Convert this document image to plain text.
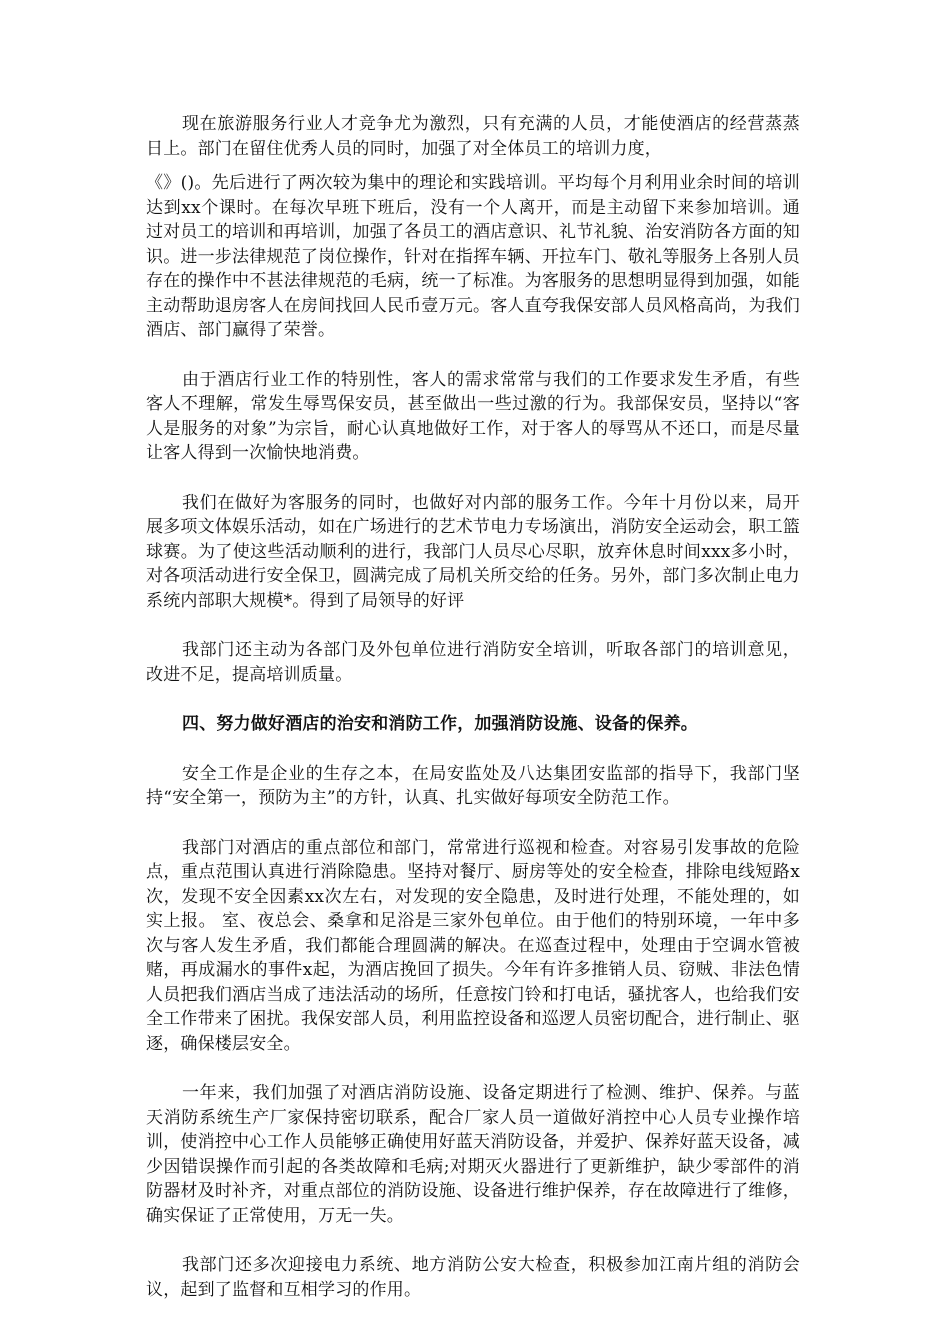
现在旅游服务行业人才竞争尤为激烈，只有充满的人员，才能使酒店的经营蒸蒸日上。部门在留住优秀人员的同时，加强了对全体员工的培训力度，

《》()。先后进行了两次较为集中的理论和实践培训。平均每个月利用业余时间的培训达到xx个课时。在每次早班下班后，没有一个人离开，而是主动留下来参加培训。通过对员工的培训和再培训，加强了各员工的酒店意识、礼节礼貌、治安消防各方面的知识。进一步法律规范了岗位操作，针对在指挥车辆、开拉车门、敬礼等服务上各别人员存在的操作中不甚法律规范的毛病，统一了标准。为客服务的思想明显得到加强，如能主动帮助退房客人在房间找回人民币壹万元。客人直夸我保安部人员风格高尚，为我们酒店、部门赢得了荣誉。

由于酒店行业工作的特别性，客人的需求常常与我们的工作要求发生矛盾，有些客人不理解，常发生辱骂保安员，甚至做出一些过激的行为。我部保安员，坚持以“客人是服务的对象”为宗旨，耐心认真地做好工作，对于客人的辱骂从不还口，而是尽量让客人得到一次愉快地消费。

我们在做好为客服务的同时，也做好对内部的服务工作。今年十月份以来，局开展多项文体娱乐活动，如在广场进行的艺术节电力专场演出，消防安全运动会，职工篮球赛。为了使这些活动顺利的进行，我部门人员尽心尽职，放弃休息时间xxx多小时，对各项活动进行安全保卫，圆满完成了局机关所交给的任务。另外，部门多次制止电力系统内部职大规模*。得到了局领导的好评

我部门还主动为各部门及外包单位进行消防安全培训，听取各部门的培训意见，改进不足，提高培训质量。

四、努力做好酒店的治安和消防工作，加强消防设施、设备的保养。

安全工作是企业的生存之本，在局安监处及八达集团安监部的指导下，我部门坚持“安全第一，预防为主”的方针，认真、扎实做好每项安全防范工作。

我部门对酒店的重点部位和部门，常常进行巡视和检查。对容易引发事故的危险点，重点范围认真进行消除隐患。坚持对餐厅、厨房等处的安全检查，排除电线短路x次，发现不安全因素xx次左右，对发现的安全隐患，及时进行处理，不能处理的，如实上报。 室、夜总会、桑拿和足浴是三家外包单位。由于他们的特别环境，一年中多次与客人发生矛盾，我们都能合理圆满的解决。在巡查过程中，处理由于空调水管被赌，再成漏水的事件x起，为酒店挽回了损失。今年有许多推销人员、窃贼、非法色情人员把我们酒店当成了违法活动的场所，任意按门铃和打电话，骚扰客人，也给我们安全工作带来了困扰。我保安部人员，利用监控设备和巡逻人员密切配合，进行制止、驱逐，确保楼层安全。

一年来，我们加强了对酒店消防设施、设备定期进行了检测、维护、保养。与蓝天消防系统生产厂家保持密切联系，配合厂家人员一道做好消控中心人员专业操作培训，使消控中心工作人员能够正确使用好蓝天消防设备，并爱护、保养好蓝天设备，减少因错误操作而引起的各类故障和毛病;对期灭火器进行了更新维护，缺少零部件的消防器材及时补齐，对重点部位的消防设施、设备进行维护保养，存在故障进行了维修，确实保证了正常使用，万无一失。

我部门还多次迎接电力系统、地方消防公安大检查，积极参加江南片组的消防会议，起到了监督和互相学习的作用。
